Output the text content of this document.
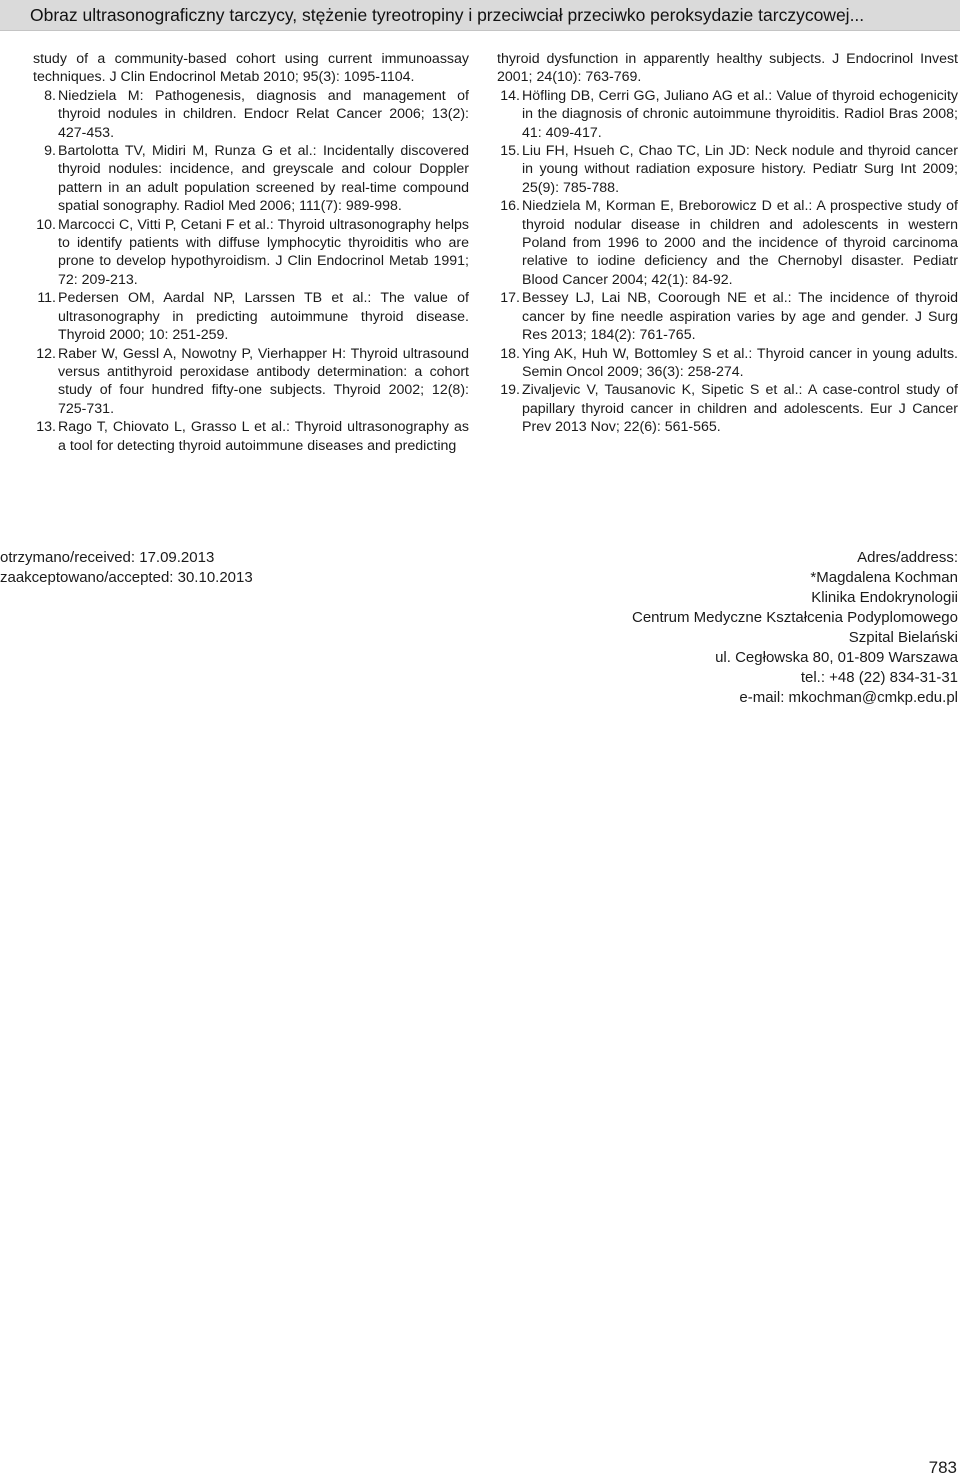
Obraz ultrasonograficzny tarczycy, stężenie tyreotropiny i przeciwciał przeciwko peroksydazie tarczycowej...
study of a community-based cohort using current immunoassay techniques. J Clin Endocrinol Metab 2010; 95(3): 1095-1104.
8. Niedziela M: Pathogenesis, diagnosis and management of thyroid nodules in children. Endocr Relat Cancer 2006; 13(2): 427-453.
9. Bartolotta TV, Midiri M, Runza G et al.: Incidentally discovered thyroid nodules: incidence, and greyscale and colour Doppler pattern in an adult population screened by real-time compound spatial sonography. Radiol Med 2006; 111(7): 989-998.
10. Marcocci C, Vitti P, Cetani F et al.: Thyroid ultrasonography helps to identify patients with diffuse lymphocytic thyroiditis who are prone to develop hypothyroidism. J Clin Endocrinol Metab 1991; 72: 209-213.
11. Pedersen OM, Aardal NP, Larssen TB et al.: The value of ultrasonography in predicting autoimmune thyroid disease. Thyroid 2000; 10: 251-259.
12. Raber W, Gessl A, Nowotny P, Vierhapper H: Thyroid ultrasound versus antithyroid peroxidase antibody determination: a cohort study of four hundred fifty-one subjects. Thyroid 2002; 12(8): 725-731.
13. Rago T, Chiovato L, Grasso L et al.: Thyroid ultrasonography as a tool for detecting thyroid autoimmune diseases and predicting
thyroid dysfunction in apparently healthy subjects. J Endocrinol Invest 2001; 24(10): 763-769.
14. Höfling DB, Cerri GG, Juliano AG et al.: Value of thyroid echogenicity in the diagnosis of chronic autoimmune thyroiditis. Radiol Bras 2008; 41: 409-417.
15. Liu FH, Hsueh C, Chao TC, Lin JD: Neck nodule and thyroid cancer in young without radiation exposure history. Pediatr Surg Int 2009; 25(9): 785-788.
16. Niedziela M, Korman E, Breborowicz D et al.: A prospective study of thyroid nodular disease in children and adolescents in western Poland from 1996 to 2000 and the incidence of thyroid carcinoma relative to iodine deficiency and the Chernobyl disaster. Pediatr Blood Cancer 2004; 42(1): 84-92.
17. Bessey LJ, Lai NB, Coorough NE et al.: The incidence of thyroid cancer by fine needle aspiration varies by age and gender. J Surg Res 2013; 184(2): 761-765.
18. Ying AK, Huh W, Bottomley S et al.: Thyroid cancer in young adults. Semin Oncol 2009; 36(3): 258-274.
19. Zivaljevic V, Tausanovic K, Sipetic S et al.: A case-control study of papillary thyroid cancer in children and adolescents. Eur J Cancer Prev 2013 Nov; 22(6): 561-565.
otrzymano/received: 17.09.2013
zaakceptowano/accepted: 30.10.2013
Adres/address:
*Magdalena Kochman
Klinika Endokrynologii
Centrum Medyczne Kształcenia Podyplomowego
Szpital Bielański
ul. Cegłowska 80, 01-809 Warszawa
tel.: +48 (22) 834-31-31
e-mail: mkochman@cmkp.edu.pl
783
